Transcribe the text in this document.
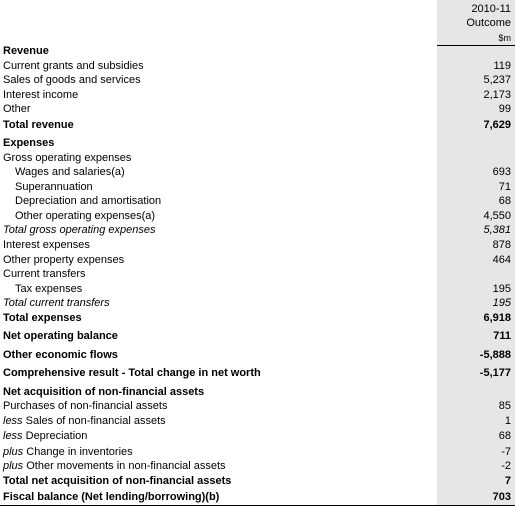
2010-11
Outcome
$m
Revenue
Current grants and subsidies	119
Sales of goods and services	5,237
Interest income	2,173
Other	99
Total revenue	7,629
Expenses
Gross operating expenses
Wages and salaries(a)	693
Superannuation	71
Depreciation and amortisation	68
Other operating expenses(a)	4,550
Total gross operating expenses	5,381
Interest expenses	878
Other property expenses	464
Current transfers
Tax expenses	195
Total current transfers	195
Total expenses	6,918
Net operating balance	711
Other economic flows	-5,888
Comprehensive result - Total change in net worth	-5,177
Net acquisition of non-financial assets
Purchases of non-financial assets	85
less Sales of non-financial assets	1
less Depreciation	68
plus Change in inventories	-7
plus Other movements in non-financial assets	-2
Total net acquisition of non-financial assets	7
Fiscal balance (Net lending/borrowing)(b)	703
